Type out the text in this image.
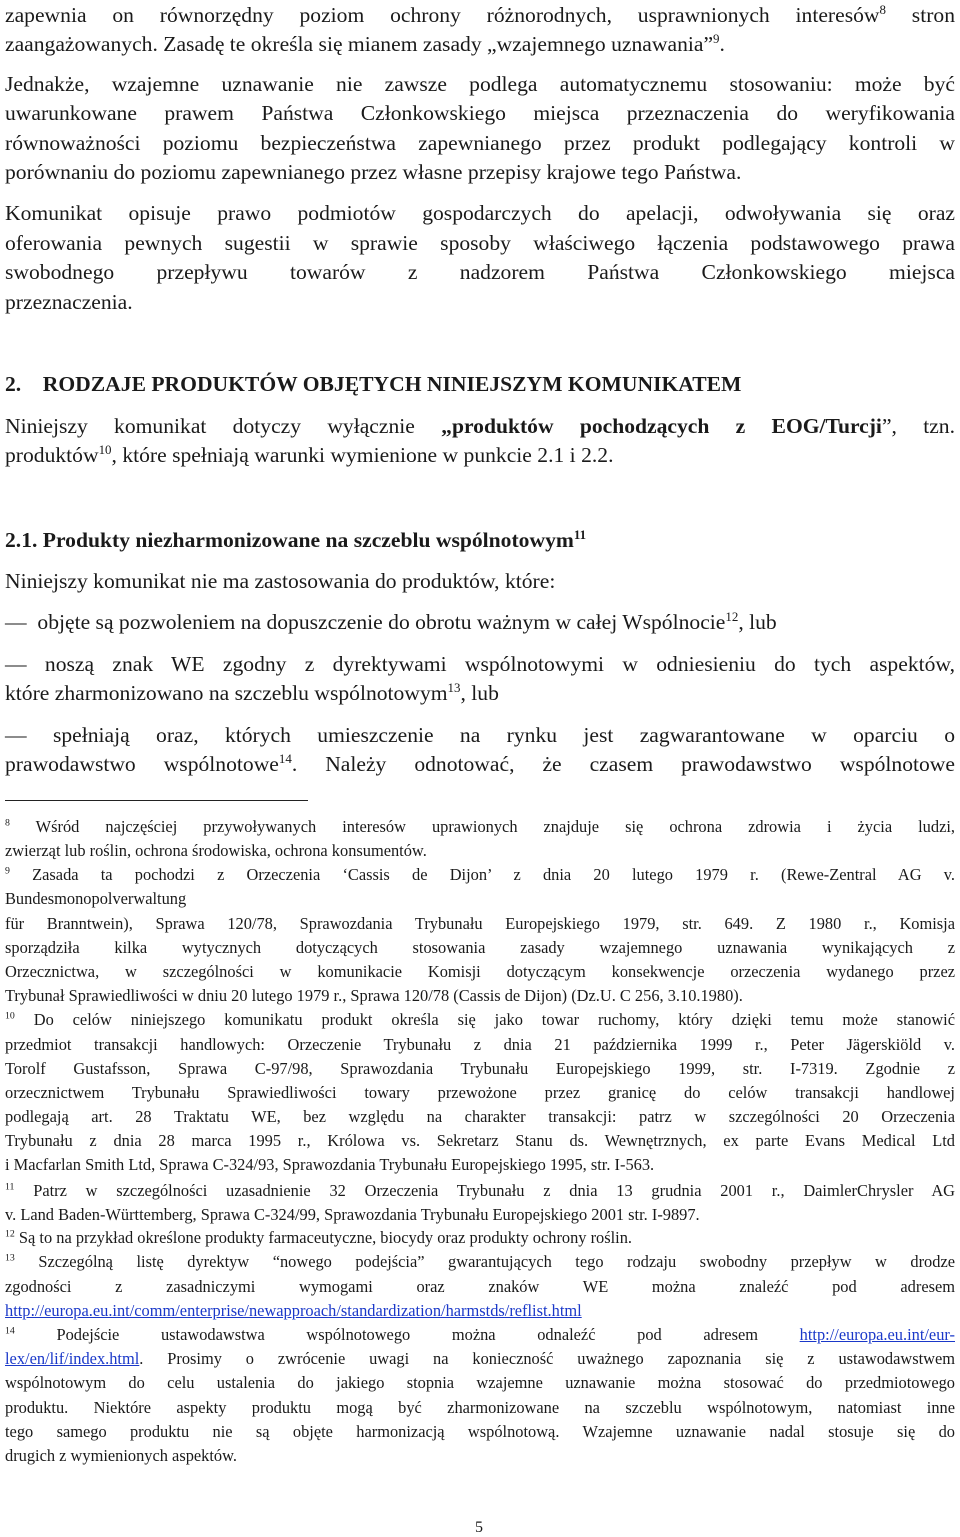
zapewnia on równorzędny poziom ochrony różnorodnych, usprawnionych interesów$^8$ stron
zaangażowanych. Zasadę te określa się mianem zasady „wzajemnego uznawania”$^9$.
Jednakże, wzajemne uznawanie nie zawsze podlega automatycznemu stosowaniu: może być
uwarunkowane prawem Państwa Członkowskiego miejsca przeznaczenia do weryfikowania
równoważności poziomu bezpieczeństwa zapewnianego przez produkt podlegający kontroli w
porównaniu do poziomu zapewnianego przez własne przepisy krajowe tego Państwa.
Komunikat opisuje prawo podmiotów gospodarczych do apelacji, odwoływania się oraz
oferowania pewnych sugestii w sprawie sposoby właściwego łączenia podstawowego prawa
swobodnego przepływu towarów z nadzorem Państwa Członkowskiego miejsca
przeznaczenia.
2.    RODZAJE PRODUKTÓW OBJĘTYCH NINIEJSZYM KOMUNIKATEM
Niniejszy komunikat dotyczy wyłącznie „produktów pochodzących z EOG/Turcji”, tzn.
produktów$^{10}$, które spełniają warunki wymienione w punkcie 2.1 i 2.2.
2.1. Produkty niezharmonizowane na szczeblu wspólnotowym$^{11}$
Niniejszy komunikat nie ma zastosowania do produktów, które:
—  objęte są pozwoleniem na dopuszczenie do obrotu ważnym w całej Wspólnocie$^{12}$, lub
— noszą znak WE zgodny z dyrektywami wspólnotowymi w odniesieniu do tych aspektów,
które zharmonizowano na szczeblu wspólnotowym$^{13}$, lub
— spełniają oraz, których umieszczenie na rynku jest zagwarantowane w oparciu o
prawodawstwo wspólnotowe$^{14}$. Należy odnotować, że czasem prawodawstwo wspólnotowe
$^8$ Wśród najczęściej przywoływanych interesów uprawionych znajduje się ochrona zdrowia i życia ludzi,
zwierząt lub roślin, ochrona środowiska, ochrona konsumentów.
$^9$ Zasada ta pochodzi z Orzeczenia ‘Cassis de Dijon’ z dnia 20 lutego 1979 r. (Rewe-Zentral AG v.
Bundesmonopolverwaltung
für Branntwein), Sprawa 120/78, Sprawozdania Trybunału Europejskiego 1979, str. 649. Z 1980 r., Komisja
sporządziła kilka wytycznych dotyczących stosowania zasady wzajemnego uznawania wynikających z
Orzecznictwa, w szczególności w komunikacie Komisji dotyczącym konsekwencje orzeczenia wydanego przez
Trybunał Sprawiedliwości w dniu 20 lutego 1979 r., Sprawa 120/78 (Cassis de Dijon) (Dz.U. C 256, 3.10.1980).
$^{10}$ Do celów niniejszego komunikatu produkt określa się jako towar ruchomy, który dzięki temu może stanowić
przedmiot transakcji handlowych: Orzeczenie Trybunału z dnia 21 października 1999 r., Peter Jägerskiöld v.
Torolf Gustafsson, Sprawa C-97/98, Sprawozdania Trybunału Europejskiego 1999, str. I-7319. Zgodnie z
orzecznictwem Trybunału Sprawiedliwości towary przewożone przez granicę do celów transakcji handlowej
podlegają art. 28 Traktatu WE, bez względu na charakter transakcji: patrz w szczególności 20 Orzeczenia
Trybunału z dnia 28 marca 1995 r., Królowa vs. Sekretarz Stanu ds. Wewnętrznych, ex parte Evans Medical Ltd
i Macfarlan Smith Ltd, Sprawa C-324/93, Sprawozdania Trybunału Europejskiego 1995, str. I-563.
$^{11}$ Patrz w szczególności uzasadnienie 32 Orzeczenia Trybunału z dnia 13 grudnia 2001 r., DaimlerChrysler AG
v. Land Baden-Württemberg, Sprawa C-324/99, Sprawozdania Trybunału Europejskiego 2001 str. I-9897.
$^{12}$ Są to na przykład określone produkty farmaceutyczne, biocydy oraz produkty ochrony roślin.
$^{13}$ Szczególną listę dyrektyw “nowego podejścia” gwarantujących tego rodzaju swobodny przepływ w drodze
zgodności z zasadniczymi wymogami oraz znaków WE można znaleźć pod adresem
http://europa.eu.int/comm/enterprise/newapproach/standardization/harmstds/reflist.html
$^{14}$ Podejście ustawodawstwa wspólnotowego można odnaleźć pod adresem http://europa.eu.int/eur-
lex/en/lif/index.html. Prosimy o zwrócenie uwagi na konieczność uważnego zapoznania się z ustawodawstwem
wspólnotowym do celu ustalenia do jakiego stopnia wzajemne uznawanie można stosować do przedmiotowego
produktu. Niektóre aspekty produktu mogą być zharmonizowane na szczeblu wspólnotowym, natomiast inne
tego samego produktu nie są objęte harmonizacją wspólnotową. Wzajemne uznawanie nadal stosuje się do
drugich z wymienionych aspektów.
5
